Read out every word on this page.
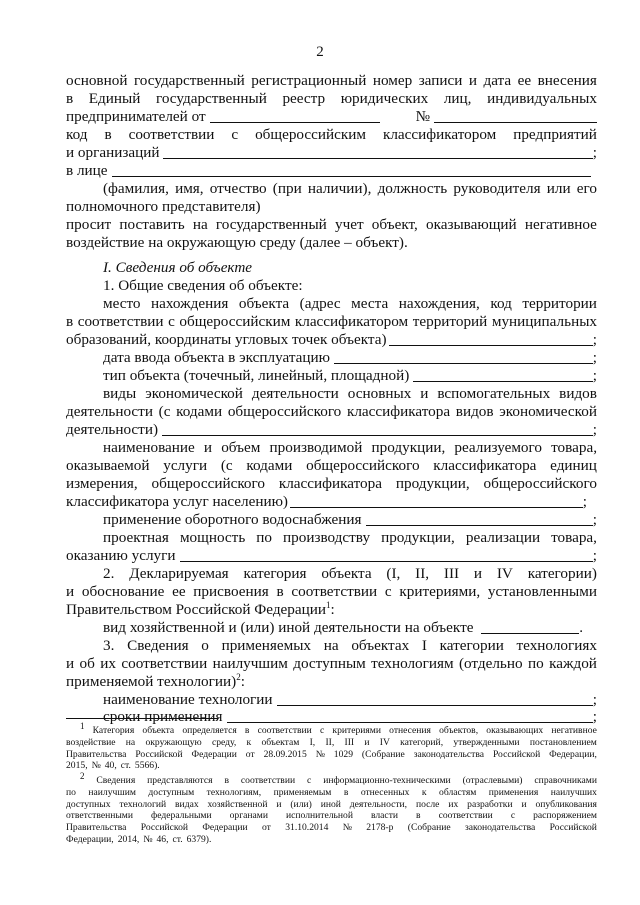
2
основной государственный регистрационный номер записи и дата ее внесения
в Единый государственный реестр юридических лиц, индивидуальных
предпринимателей от	№
код в соответствии с общероссийским классификатором предприятий
и организаций	;
в лице
(фамилия, имя, отчество (при наличии), должность руководителя или его
полномочного представителя)
просит поставить на государственный учет объект, оказывающий негативное
воздействие на окружающую среду (далее – объект).
I. Сведения об объекте
1. Общие сведения об объекте:
место нахождения объекта (адрес места нахождения, код территории
в соответствии с общероссийским классификатором территорий муниципальных
образований, координаты угловых точек объекта)	;
дата ввода объекта в эксплуатацию	;
тип объекта (точечный, линейный, площадной)	;
виды экономической деятельности основных и вспомогательных видов
деятельности (с кодами общероссийского классификатора видов экономической
деятельности)	;
наименование и объем производимой продукции, реализуемого товара,
оказываемой услуги (с кодами общероссийского классификатора единиц
измерения, общероссийского классификатора продукции, общероссийского
классификатора услуг населению)	;
применение оборотного водоснабжения	;
проектная мощность по производству продукции, реализации товара,
оказанию услуги	;
2. Декларируемая категория объекта (I, II, III и IV категории)
и обоснование ее присвоения в соответствии с критериями, установленными
Правительством Российской Федерации$^1$:
вид хозяйственной и (или) иной деятельности на объекте	.
3. Сведения о применяемых на объектах I категории технологиях
и об их соответствии наилучшим доступным технологиям (отдельно по каждой
применяемой технологии)$^2$:
наименование технологии	;
сроки применения	;
$^1$ Категория объекта определяется в соответствии с критериями отнесения объектов, оказывающих негативное
воздействие на окружающую среду, к объектам I, II, III и IV категорий, утвержденными постановлением
Правительства Российской Федерации от 28.09.2015 № 1029 (Собрание законодательства Российской Федерации,
2015, № 40, ст. 5566).
$^2$ Сведения представляются в соответствии с информационно-техническими (отраслевыми) справочниками
по наилучшим доступным технологиям, применяемым в отнесенных к областям применения наилучших
доступных технологий видах хозяйственной и (или) иной деятельности, после их разработки и опубликования
ответственными федеральными органами исполнительной власти в соответствии с распоряжением
Правительства Российской Федерации от 31.10.2014 № 2178-р (Собрание законодательства Российской
Федерации, 2014, № 46, ст. 6379).
